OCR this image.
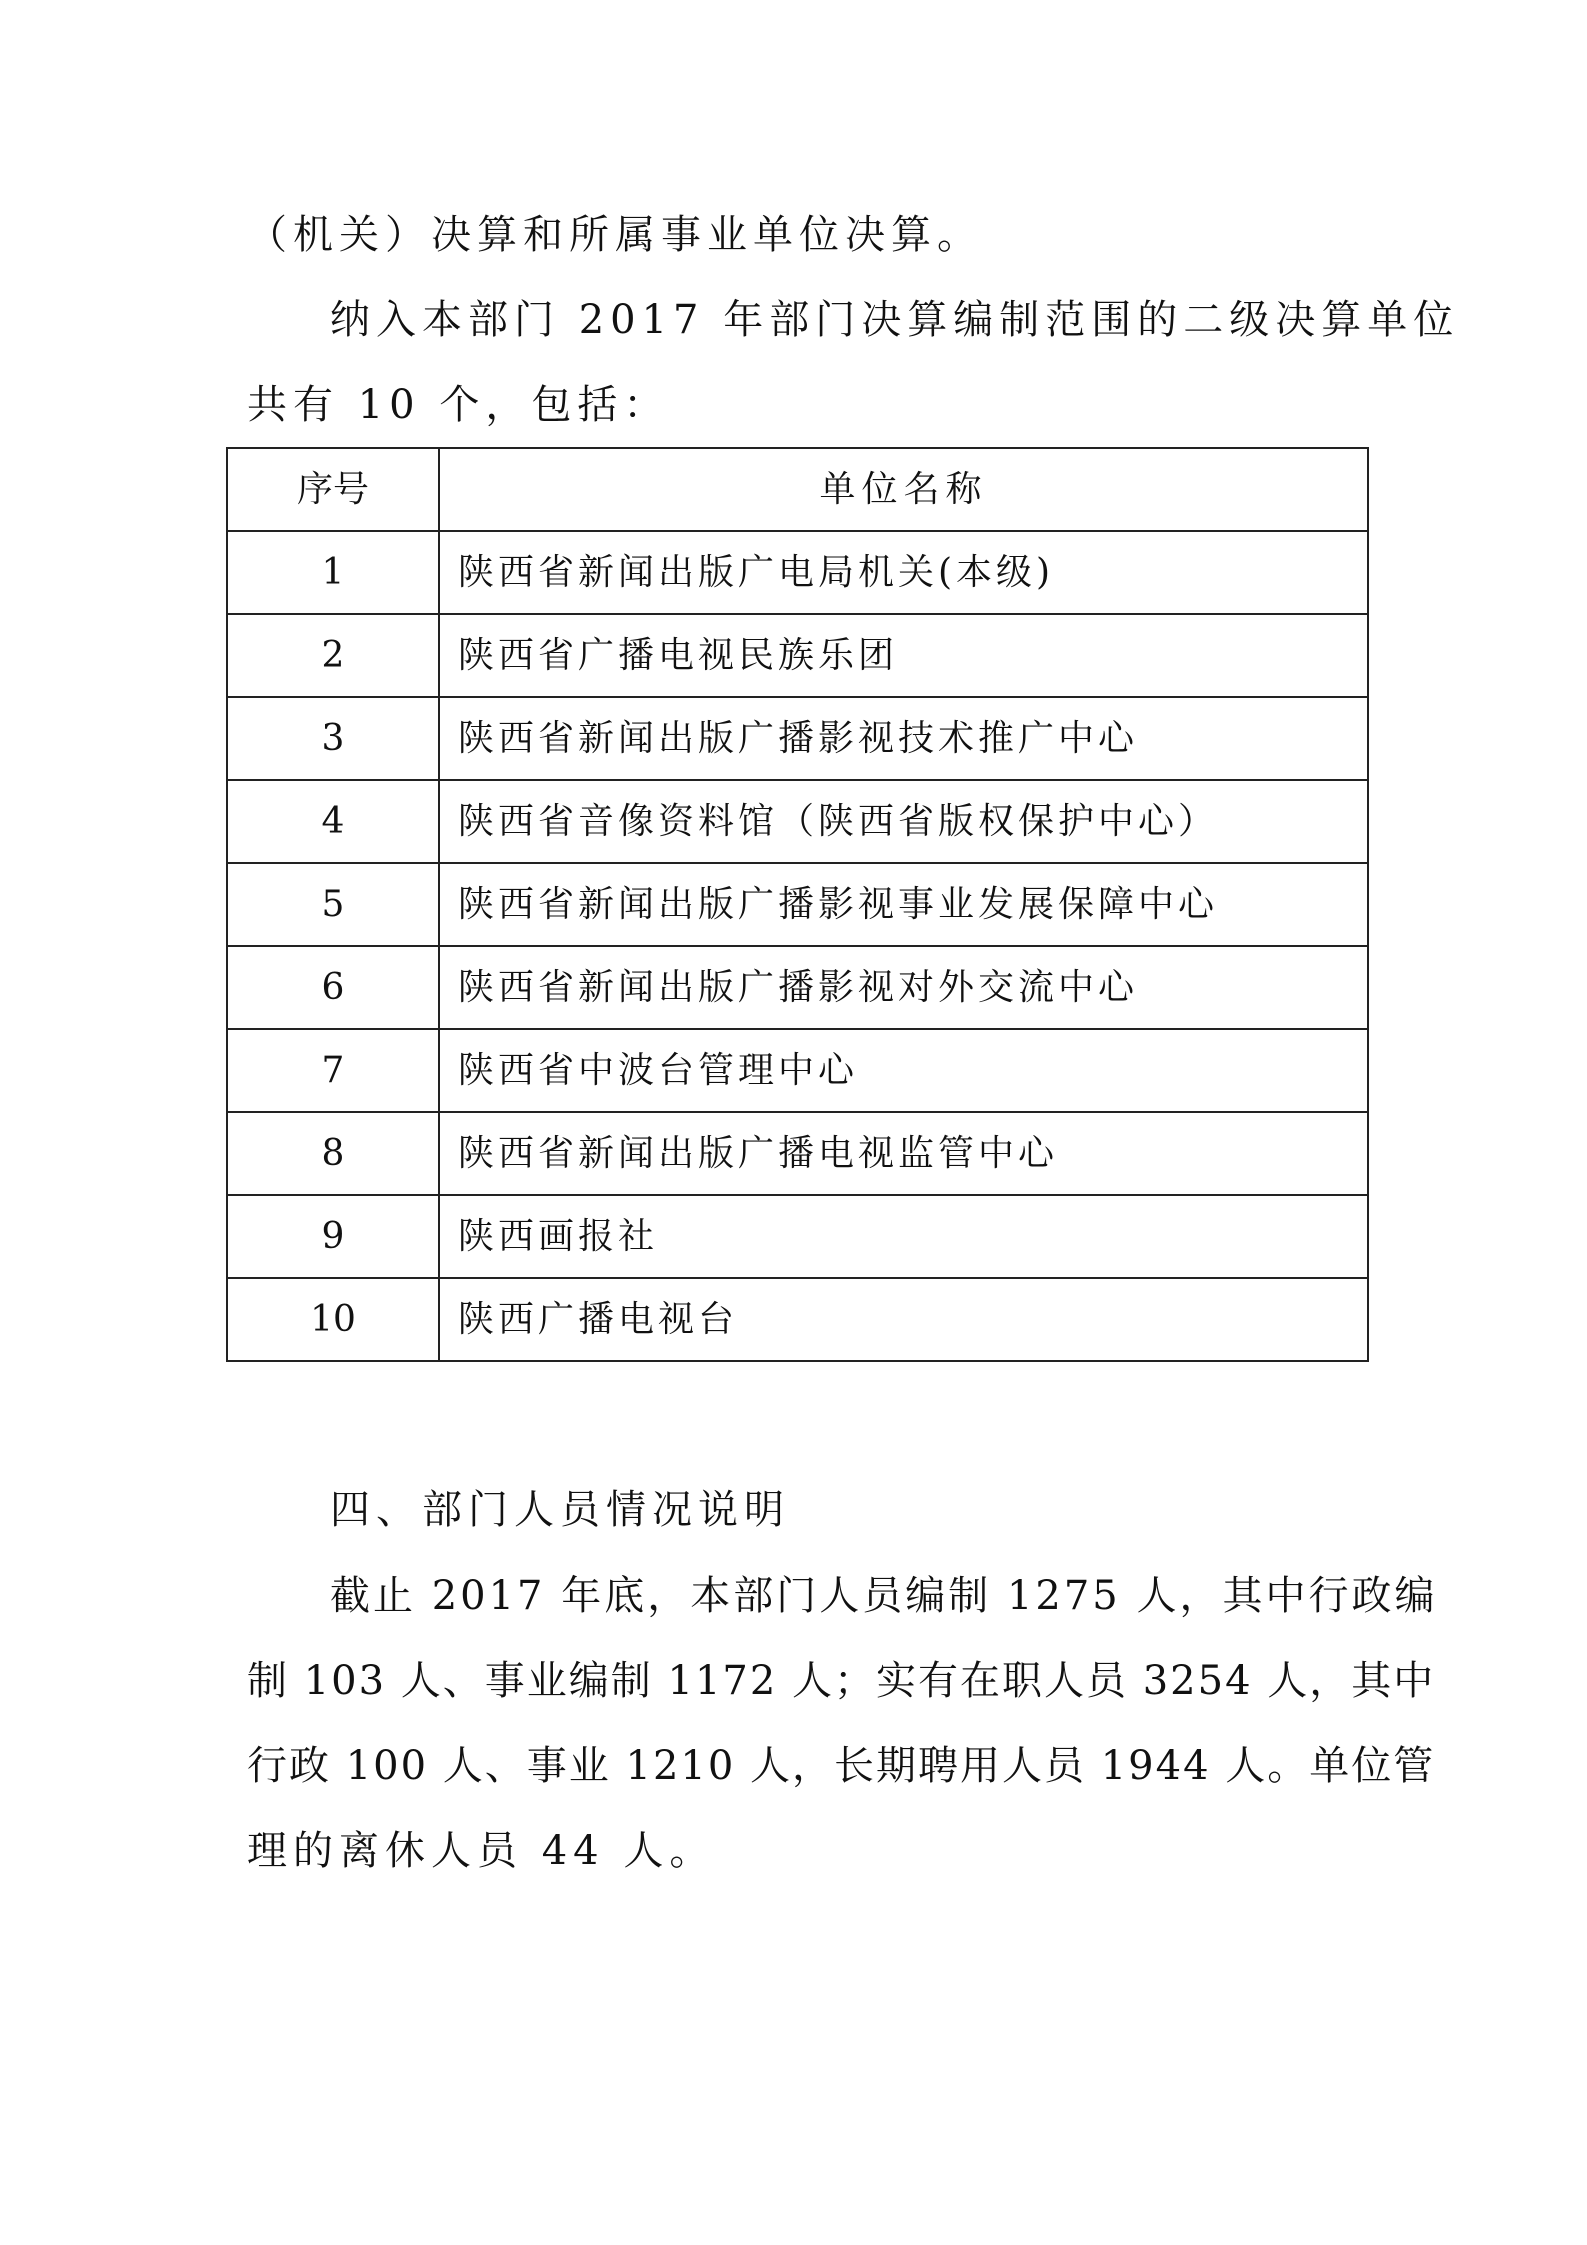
（机关）决算和所属事业单位决算。
纳入本部门 2017 年部门决算编制范围的二级决算单位
共有 10 个，包括：
序号	单位名称
1	陕西省新闻出版广电局机关(本级)
2	陕西省广播电视民族乐团
3	陕西省新闻出版广播影视技术推广中心
4	陕西省音像资料馆（陕西省版权保护中心）
5	陕西省新闻出版广播影视事业发展保障中心
6	陕西省新闻出版广播影视对外交流中心
7	陕西省中波台管理中心
8	陕西省新闻出版广播电视监管中心
9	陕西画报社
10	陕西广播电视台
四、部门人员情况说明
截止 2017 年底，本部门人员编制 1275 人，其中行政编
制 103 人、事业编制 1172 人；实有在职人员 3254 人，其中
行政 100 人、事业 1210 人，长期聘用人员 1944 人。单位管
理的离休人员 44 人。
